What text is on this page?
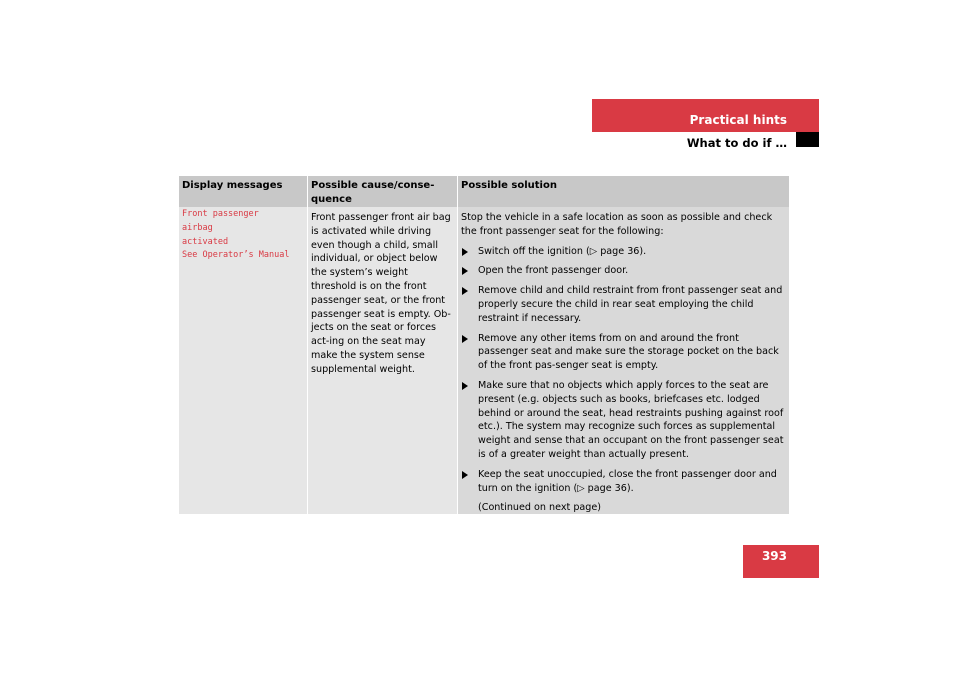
Practical hints
What to do if …
Display messages
Front passenger
airbag
activated
See Operator’s Manual
Possible cause/conse-
quence
Front passenger front air bag is activated while driving even though a child, small individual, or object below the system’s weight threshold is on the front passenger seat, or the front passenger seat is empty. Ob-jects on the seat or forces act-ing on the seat may make the system sense supplemental weight.
Possible solution
Stop the vehicle in a safe location as soon as possible and check the front passenger seat for the following:
Switch off the ignition (▷ page 36).
Open the front passenger door.
Remove child and child restraint from front passenger seat and properly secure the child in rear seat employing the child restraint if necessary.
Remove any other items from on and around the front passenger seat and make sure the storage pocket on the back of the front pas-senger seat is empty.
Make sure that no objects which apply forces to the seat are present (e.g. objects such as books, briefcases etc. lodged behind or around the seat, head restraints pushing against roof etc.). The system may recognize such forces as supplemental weight and sense that an occupant on the front passenger seat is of a greater weight than actually present.
Keep the seat unoccupied, close the front passenger door and turn on the ignition (▷ page 36).
(Continued on next page)
393
